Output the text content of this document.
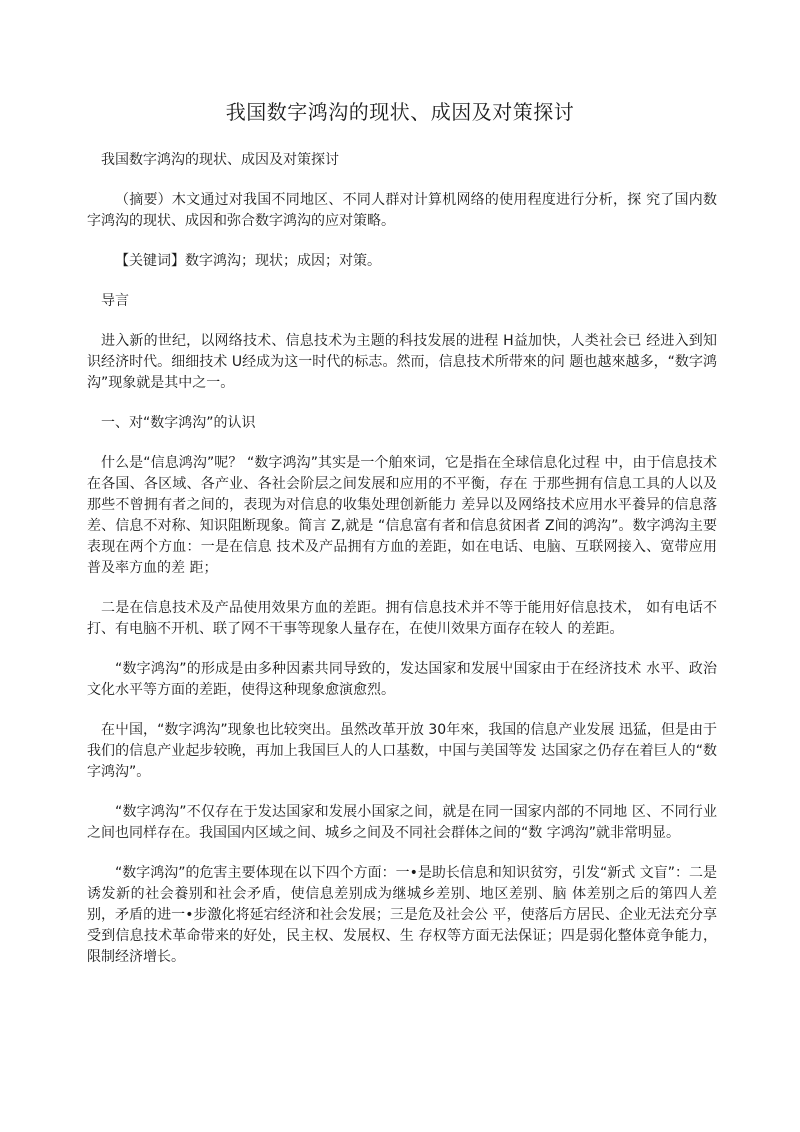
我国数字鸿沟的现状、成因及对策探讨

我国数字鸿沟的现状、成因及对策探讨

（摘要）木文通过对我国不同地区、不同人群对计算机网络的使用程度进行分析，探 究了国内数字鸿沟的现状、成因和弥合数字鸿沟的应对策略。

【关键词】数字鸿沟；现状；成因；对策。

导言

进入新的世纪，以网络技术、信息技术为主题的科技发展的进程 H益加快，人类社会已 经进入到知识经济时代。细细技术 U经成为这一时代的标志。然而，信息技术所带來的问 题也越來越多，“数字鸿沟”现象就是其中之一。

一、对“数字鸿沟”的认识

什么是“信息鸿沟”呢？ “数字鸿沟”其实是一个舶來词，它是指在全球信息化过程 中，由于信息技术在各国、各区域、各产业、各社会阶层之间发展和应用的不平衡，存在 于那些拥有信息工具的人以及那些不曾拥有者之间的，表现为对信息的收集处理创新能力 差异以及网络技术应用水平養异的信息落差、信息不对称、知识阻断现象。简言 Z,就是 “信息富有者和信息贫困者 Z间的鸿沟”。数字鸿沟主要表现在两个方血：一是在信息 技术及产品拥有方血的差距，如在电话、电脑、互联网接入、宽带应用普及率方血的差 距；

二是在信息技术及产品使用效果方血的差距。拥有信息技术并不等于能用好信息技术， 如有电话不打、有电脑不开机、联了网不干事等现象人量存在，在使川效果方面存在较人 的差距。

“数字鸿沟”的形成是由多种因素共同导致的，发达国家和发展屮国家由于在经济技术 水平、政治文化水平等方面的差距，使得这种现象愈演愈烈。

在屮国，“数字鸿沟”现象也比较突出。虽然改革开放 30年來，我国的信息产业发展 迅猛，但是由于我们的信息产业起步较晚，再加上我国巨人的人口基数，中国与美国等发 达国家之仍存在着巨人的“数字鸿沟”。

“数字鸿沟”不仅存在于发达国家和发展小国家之间，就是在同一国家内部的不同地 区、不同行业之间也同样存在。我国国内区域之间、城乡之间及不同社会群体之间的“数 字鸿沟”就非常明显。

“数字鸿沟”的危害主要体现在以下四个方面：一•是助长信息和知识贫穷，引发“新式 文盲”：二是诱发新的社会養别和社会矛盾，使信息差别成为继城乡差别、地区差别、脑 体差别之后的第四人差别，矛盾的进一•步激化将延宕经济和社会发展；三是危及社会公 平，使落后方居民、企业无法充分享受到信息技术革命带来的好处，民主权、发展权、生 存权等方面无法保证；四是弱化整体竟争能力，限制经济增长。
